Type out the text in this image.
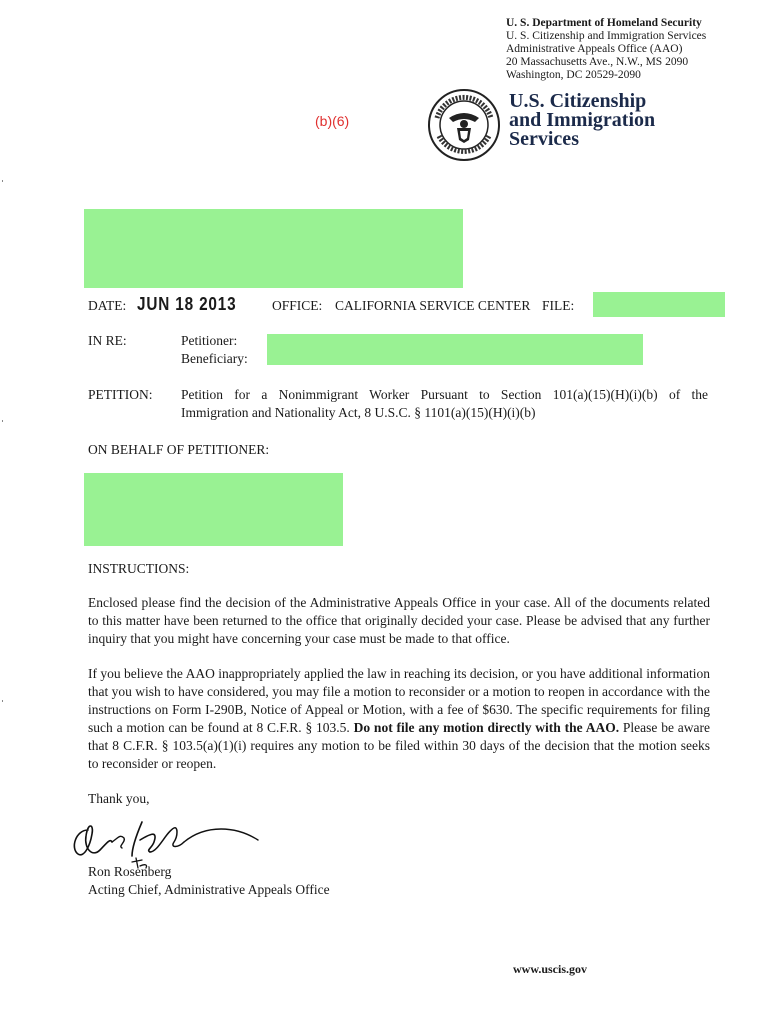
U. S. Department of Homeland Security
U. S. Citizenship and Immigration Services
Administrative Appeals Office (AAO)
20 Massachusetts Ave., N.W., MS 2090
Washington, DC 20529-2090
(b)(6)
U.S. Citizenship
and Immigration
Services
DATE: JUN 18 2013	OFFICE: CALIFORNIA SERVICE CENTER FILE:
IN RE:	Petitioner:
Beneficiary:
PETITION: Petition for a Nonimmigrant Worker Pursuant to Section 101(a)(15)(H)(i)(b) of the
Immigration and Nationality Act, 8 U.S.C. § 1101(a)(15)(H)(i)(b)
ON BEHALF OF PETITIONER:
INSTRUCTIONS:
Enclosed please find the decision of the Administrative Appeals Office in your case. All of the documents related to this matter have been returned to the office that originally decided your case. Please be advised that any further inquiry that you might have concerning your case must be made to that office.
If you believe the AAO inappropriately applied the law in reaching its decision, or you have additional information that you wish to have considered, you may file a motion to reconsider or a motion to reopen in accordance with the instructions on Form I-290B, Notice of Appeal or Motion, with a fee of $630. The specific requirements for filing such a motion can be found at 8 C.F.R. § 103.5. Do not file any motion directly with the AAO. Please be aware that 8 C.F.R. § 103.5(a)(1)(i) requires any motion to be filed within 30 days of the decision that the motion seeks to reconsider or reopen.
Thank you,
Ron Rosenberg
Acting Chief, Administrative Appeals Office
www.uscis.gov
